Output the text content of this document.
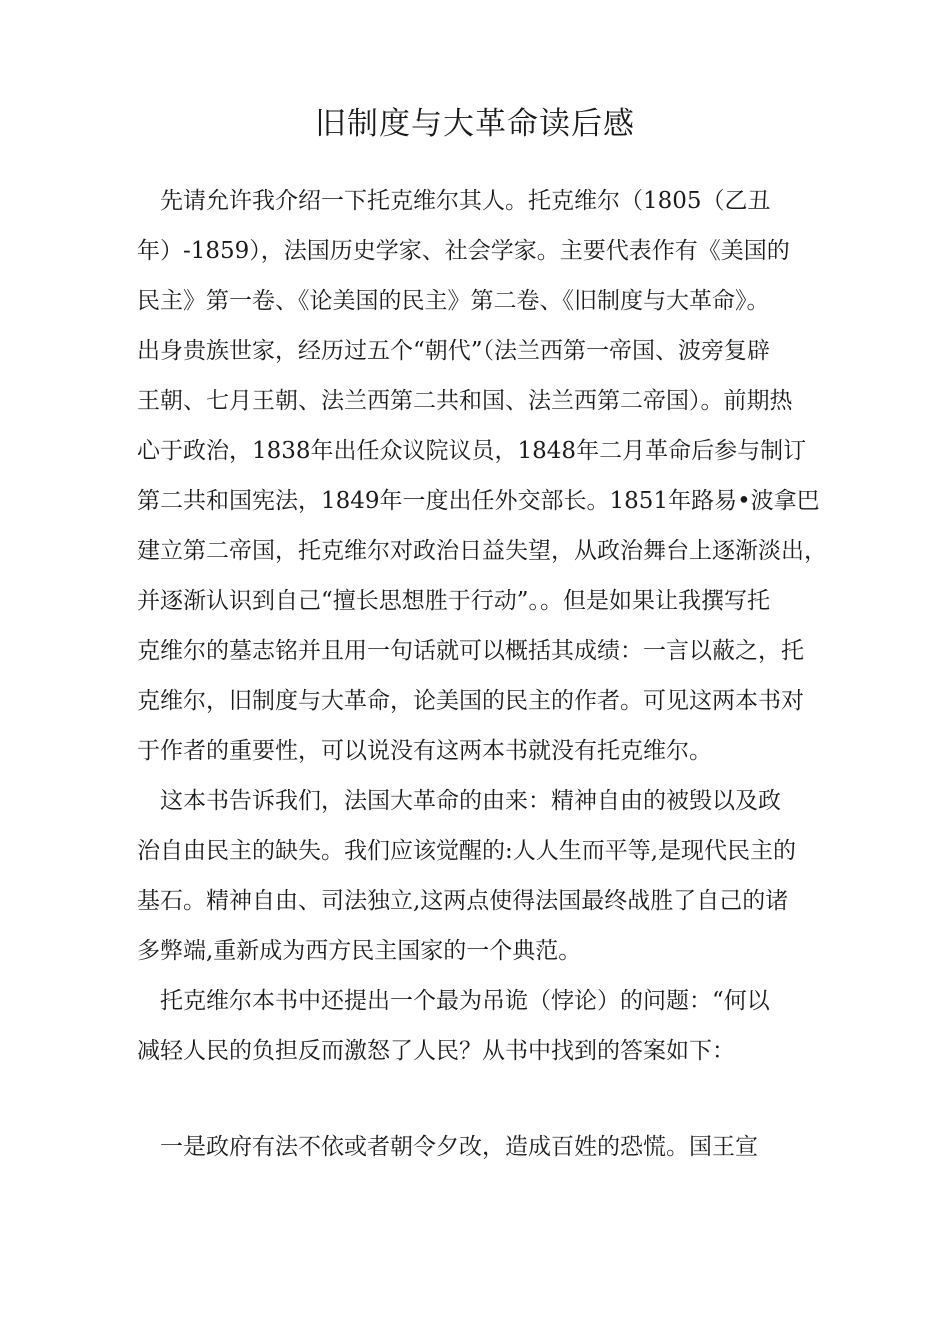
旧制度与大革命读后感

　先请允许我介绍一下托克维尔其人。托克维尔（1805（乙丑

年）-1859），法国历史学家、社会学家。主要代表作有《美国的

民主》第一卷、《论美国的民主》第二卷、《旧制度与大革命》。

出身贵族世家，经历过五个“朝代”（法兰西第一帝国、波旁复辟

王朝、七月王朝、法兰西第二共和国、法兰西第二帝国）。前期热

心于政治，1838年出任众议院议员，1848年二月革命后参与制订

第二共和国宪法，1849年一度出任外交部长。1851年路易•波拿巴

建立第二帝国，托克维尔对政治日益失望，从政治舞台上逐渐淡出，

并逐渐认识到自己“擅长思想胜于行动”。。但是如果让我撰写托

克维尔的墓志铭并且用一句话就可以概括其成绩：一言以蔽之，托

克维尔，旧制度与大革命，论美国的民主的作者。可见这两本书对

于作者的重要性，可以说没有这两本书就没有托克维尔。

　这本书告诉我们，法国大革命的由来：精神自由的被毁以及政

治自由民主的缺失。我们应该觉醒的:人人生而平等,是现代民主的

基石。精神自由、司法独立,这两点使得法国最终战胜了自己的诸

多弊端,重新成为西方民主国家的一个典范。

　托克维尔本书中还提出一个最为吊诡（悖论）的问题：“何以

减轻人民的负担反而激怒了人民？从书中找到的答案如下：

　一是政府有法不依或者朝令夕改，造成百姓的恐慌。国王宣
